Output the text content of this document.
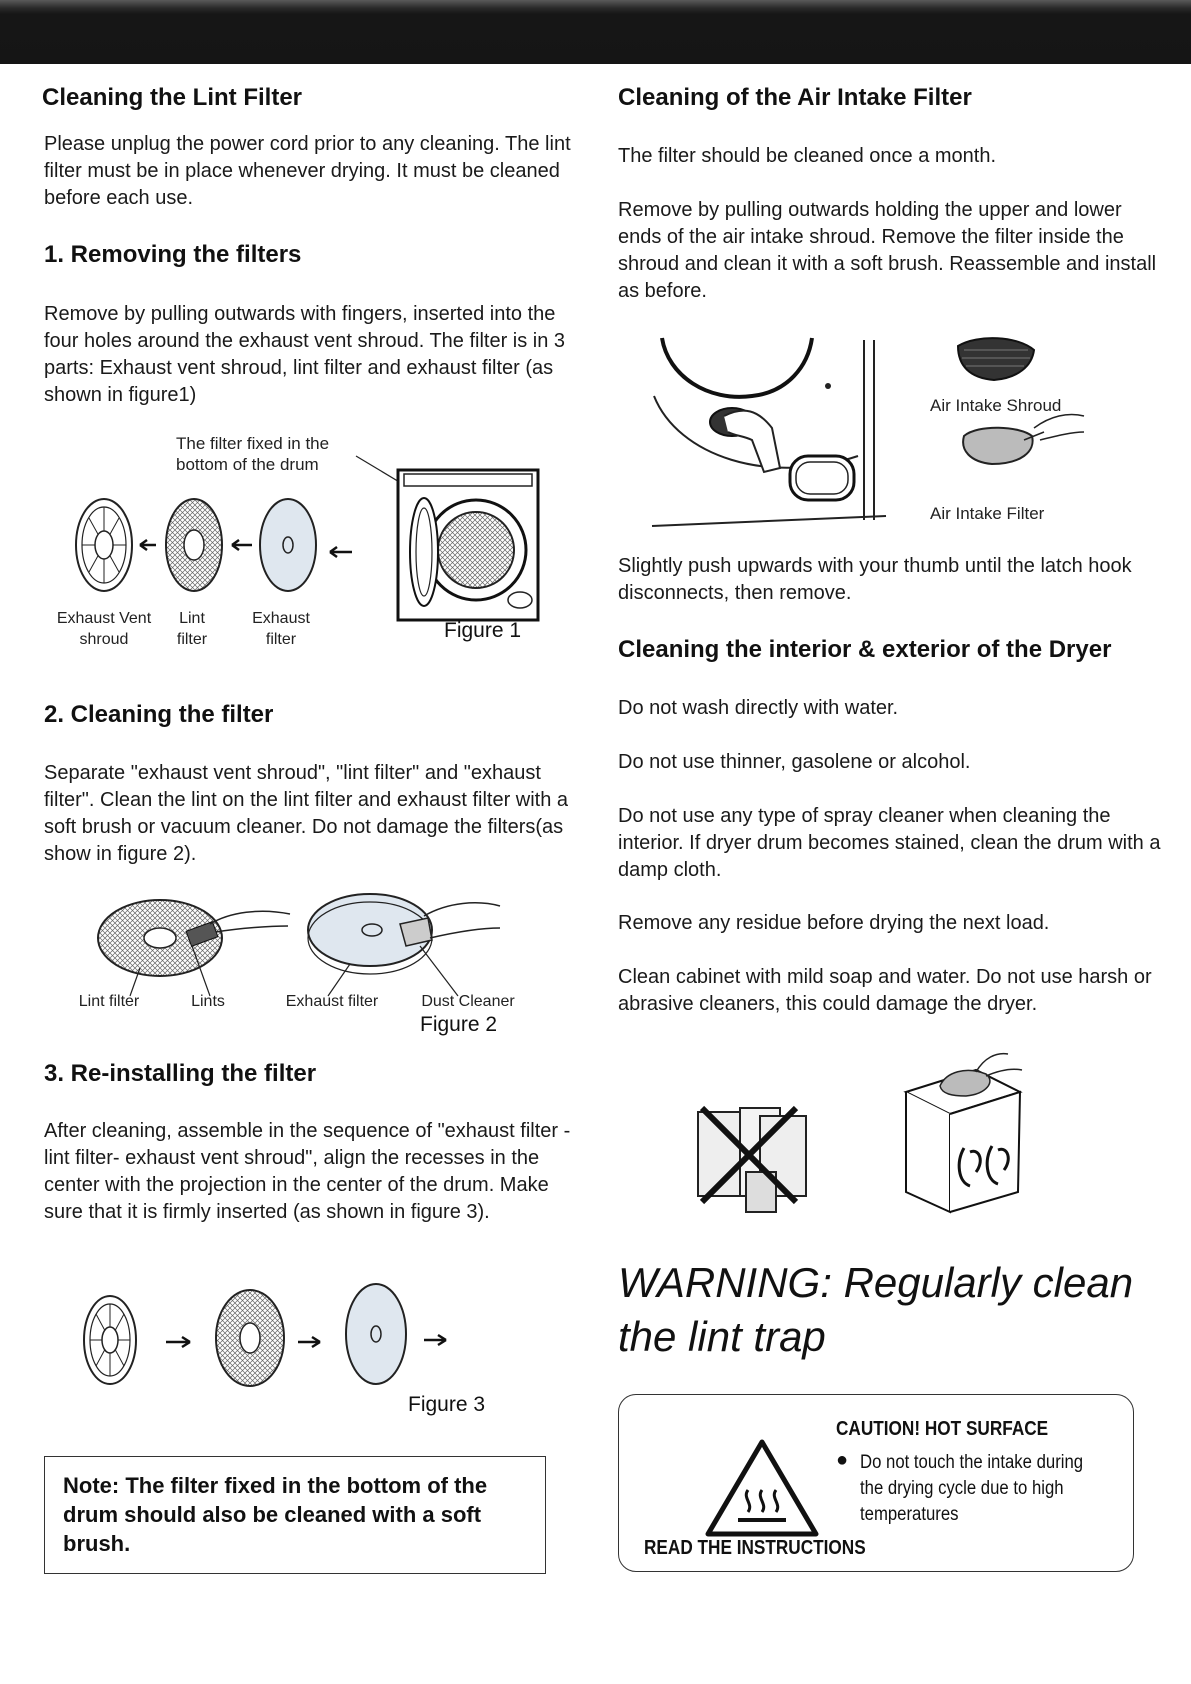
Cleaning the Lint Filter

Please unplug the power cord prior to any cleaning. The lint filter must be in place whenever drying. It must be cleaned before each use.

1. Removing the filters

Remove by pulling outwards with fingers, inserted into the four holes around the exhaust vent shroud. The filter is in 3 parts: Exhaust vent shroud, lint filter and exhaust filter (as shown in figure1)

The filter fixed in the bottom of the drum
Exhaust Vent shroud
Lint filter
Exhaust filter	Figure 1
2. Cleaning the filter

Separate "exhaust vent shroud", "lint filter" and "exhaust filter". Clean the lint on the lint filter and exhaust filter with a soft brush or vacuum cleaner. Do not damage the filters(as show in figure 2).

Lint filter	Lints	Exhaust filter	Dust Cleaner
Figure 2
3. Re-installing the filter

After cleaning, assemble in the sequence of "exhaust filter - lint filter- exhaust vent shroud", align the recesses in the center with the projection in the center of the drum. Make sure that it is firmly inserted (as shown in figure 3).

Figure 3
Note: The filter fixed in the bottom of the drum should also be cleaned with a soft brush.
Cleaning of the Air Intake Filter

The filter should be cleaned once a month.

Remove by pulling outwards holding the upper and lower ends of the air intake shroud. Remove the filter inside the shroud and clean it with a soft brush. Reassemble and install as before.

Air Intake Shroud
Air Intake Filter

Slightly push upwards with your thumb until the latch hook disconnects, then remove.

Cleaning the interior & exterior of the Dryer

Do not wash directly with water.

Do not use thinner, gasolene or alcohol.

Do not use any type of spray cleaner when cleaning the interior. If dryer drum becomes stained, clean the drum with a damp cloth.

Remove any residue before drying the next load.

Clean cabinet with mild soap and water. Do not use harsh or abrasive cleaners, this could damage the dryer.

WARNING: Regularly clean the lint trap
CAUTION! HOT SURFACE
● Do not touch the intake during the drying cycle due to high temperatures
READ THE INSTRUCTIONS
